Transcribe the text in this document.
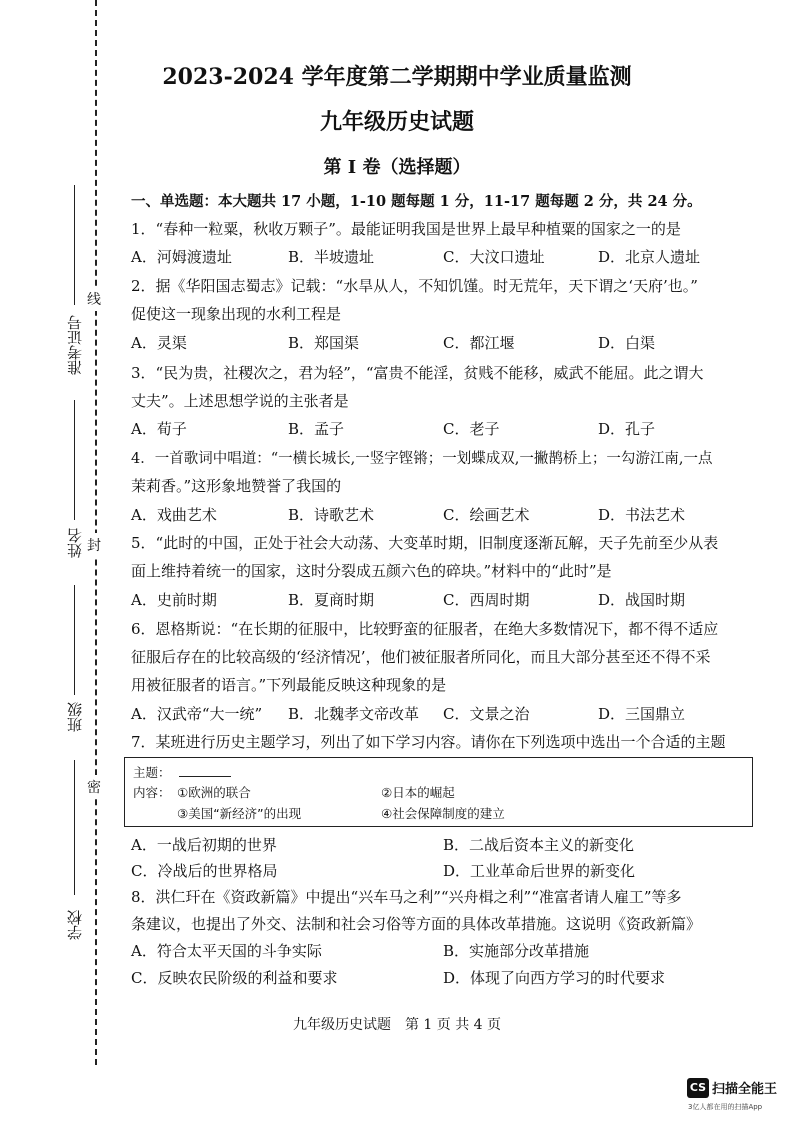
学校
班级
姓名
准考证号
密
封
线
2023-2024 学年度第二学期期中学业质量监测
九年级历史试题
第 I 卷（选择题）
一、单选题：本大题共 17 小题，1-10 题每题 1 分，11-17 题每题 2 分，共 24 分。
1．“春种一粒粟，秋收万颗子”。最能证明我国是世界上最早种植粟的国家之一的是
A．河姆渡遗址	B．半坡遗址	C．大汶口遗址	D．北京人遗址
2．据《华阳国志蜀志》记载：“水旱从人，不知饥馑。时无荒年，天下谓之‘天府’也。”
促使这一现象出现的水利工程是
A．灵渠	B．郑国渠	C．都江堰	D．白渠
3．“民为贵，社稷次之，君为轻”，“富贵不能淫，贫贱不能移，威武不能屈。此之谓大
丈夫”。上述思想学说的主张者是
A．荀子	B．孟子	C．老子	D．孔子
4．一首歌词中唱道：“一横长城长,一竖字铿锵；一划蝶成双,一撇鹊桥上；一勾游江南,一点
茉莉香。”这形象地赞誉了我国的
A．戏曲艺术	B．诗歌艺术	C．绘画艺术	D．书法艺术
5．“此时的中国，正处于社会大动荡、大变革时期，旧制度逐渐瓦解，天子先前至少从表
面上维持着统一的国家，这时分裂成五颜六色的碎块。”材料中的“此时”是
A．史前时期	B．夏商时期	C．西周时期	D．战国时期
6．恩格斯说：“在长期的征服中，比较野蛮的征服者，在绝大多数情况下，都不得不适应
征服后存在的比较高级的‘经济情况’，他们被征服者所同化，而且大部分甚至还不得不采
用被征服者的语言。”下列最能反映这种现象的是
A．汉武帝“大一统” B．北魏孝文帝改革 C．文景之治	D．三国鼎立
7．某班进行历史主题学习，列出了如下学习内容。请你在下列选项中选出一个合适的主题
主题：
内容： ①欧洲的联合	②日本的崛起
③美国“新经济”的出现	④社会保障制度的建立
A．一战后初期的世界	B．二战后资本主义的新变化
C．冷战后的世界格局	D．工业革命后世界的新变化
8．洪仁玕在《资政新篇》中提出“兴车马之利”“兴舟楫之利”“准富者请人雇工”等多
条建议，也提出了外交、法制和社会习俗等方面的具体改革措施。这说明《资政新篇》
A．符合太平天国的斗争实际	B．实施部分改革措施
C．反映农民阶级的利益和要求	D．体现了向西方学习的时代要求
九年级历史试题　第 1 页 共 4 页
CS 扫描全能王
3亿人都在用的扫描App
